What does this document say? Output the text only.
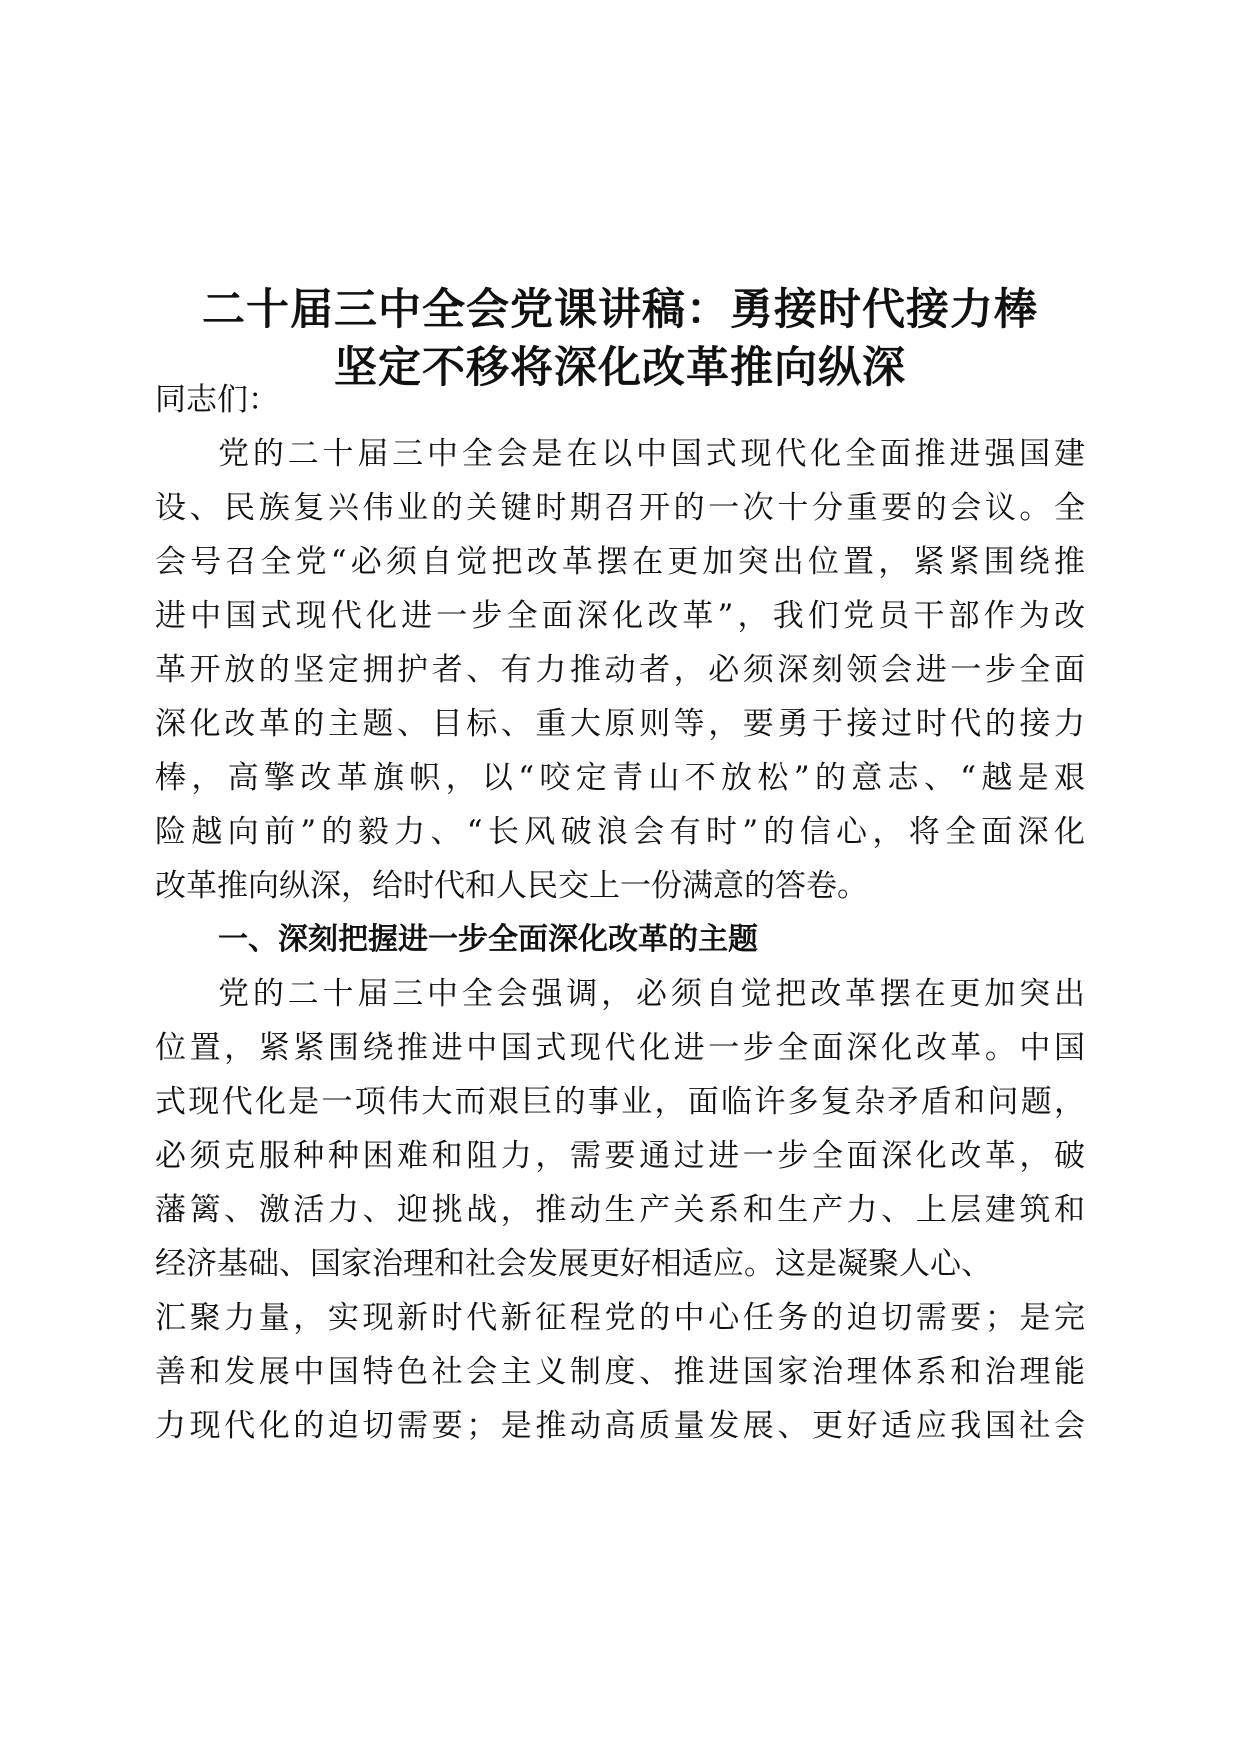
二十届三中全会党课讲稿：勇接时代接力棒
坚定不移将深化改革推向纵深

同志们：

党的二十届三中全会是在以中国式现代化全面推进强国建

设、民族复兴伟业的关键时期召开的一次十分重要的会议。全

会号召全党“必须自觉把改革摆在更加突出位置，紧紧围绕推

进中国式现代化进一步全面深化改革”，我们党员干部作为改

革开放的坚定拥护者、有力推动者，必须深刻领会进一步全面

深化改革的主题、目标、重大原则等，要勇于接过时代的接力

棒，高擎改革旗帜，以“咬定青山不放松”的意志、“越是艰

险越向前”的毅力、“长风破浪会有时”的信心，将全面深化

改革推向纵深，给时代和人民交上一份满意的答卷。

一、深刻把握进一步全面深化改革的主题

党的二十届三中全会强调，必须自觉把改革摆在更加突出

位置，紧紧围绕推进中国式现代化进一步全面深化改革。中国

式现代化是一项伟大而艰巨的事业，面临许多复杂矛盾和问题，

必须克服种种困难和阻力，需要通过进一步全面深化改革，破

藩篱、激活力、迎挑战，推动生产关系和生产力、上层建筑和

经济基础、国家治理和社会发展更好相适应。这是凝聚人心、

汇聚力量，实现新时代新征程党的中心任务的迫切需要；是完

善和发展中国特色社会主义制度、推进国家治理体系和治理能

力现代化的迫切需要；是推动高质量发展、更好适应我国社会
